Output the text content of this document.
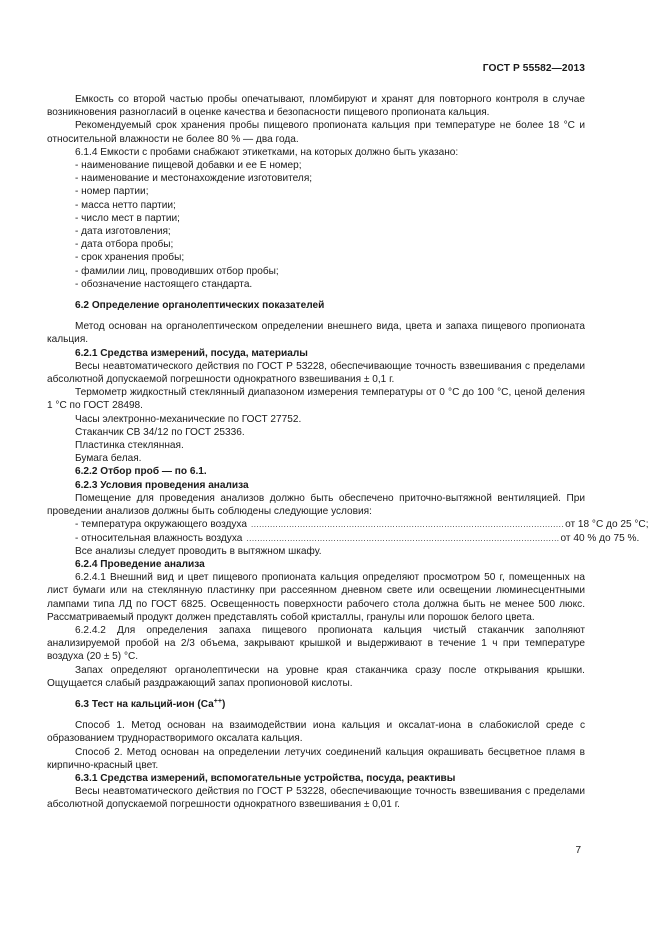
ГОСТ Р 55582—2013

Емкость со второй частью пробы опечатывают, пломбируют и хранят для повторного контроля в случае возникновения разногласий в оценке качества и безопасности пищевого пропионата кальция.

Рекомендуемый срок хранения пробы пищевого пропионата кальция при температуре не более 18 °С и относительной влажности не более 80 % — два года.

6.1.4 Емкости с пробами снабжают этикетками, на которых должно быть указано:

- наименование пищевой добавки и ее Е номер;

- наименование и местонахождение изготовителя;

- номер партии;

- масса нетто партии;

- число мест в партии;

- дата изготовления;

- дата отбора пробы;

- срок хранения пробы;

- фамилии лиц, проводивших отбор пробы;

- обозначение настоящего стандарта.

6.2 Определение органолептических показателей

Метод основан на органолептическом определении внешнего вида, цвета и запаха пищевого пропионата кальция.

6.2.1 Средства измерений, посуда, материалы

Весы неавтоматического действия по ГОСТ Р 53228, обеспечивающие точность взвешивания с пределами абсолютной допускаемой погрешности однократного взвешивания ± 0,1 г.

Термометр жидкостный стеклянный диапазоном измерения температуры от 0 °С до 100 °С, ценой деления 1 °С по ГОСТ 28498.

Часы электронно-механические по ГОСТ 27752.

Стаканчик СВ 34/12 по ГОСТ 25336.

Пластинка стеклянная.

Бумага белая.

6.2.2 Отбор проб — по 6.1.

6.2.3 Условия проведения анализа

Помещение для проведения анализов должно быть обеспечено приточно-вытяжной вентиляцией. При проведении анализов должны быть соблюдены следующие условия:

- температура окружающего воздуха ................................................................................................................... от 18 °С до 25 °С;
- относительная влажность воздуха ................................................................................................................... от 40 % до 75 %.

Все анализы следует проводить в вытяжном шкафу.

6.2.4 Проведение анализа

6.2.4.1 Внешний вид и цвет пищевого пропионата кальция определяют просмотром 50 г, помещенных на лист бумаги или на стеклянную пластинку при рассеянном дневном свете или освещении люминесцентными лампами типа ЛД по ГОСТ 6825. Освещенность поверхности рабочего стола должна быть не менее 500 люкс. Рассматриваемый продукт должен представлять собой кристаллы, гранулы или порошок белого цвета.

6.2.4.2 Для определения запаха пищевого пропионата кальция чистый стаканчик заполняют анализируемой пробой на 2/3 объема, закрывают крышкой и выдерживают в течение 1 ч при температуре воздуха (20 ± 5) °С.

Запах определяют органолептически на уровне края стаканчика сразу после открывания крышки. Ощущается слабый раздражающий запах пропионовой кислоты.

6.3 Тест на кальций-ион (Са++)

Способ 1. Метод основан на взаимодействии иона кальция и оксалат-иона в слабокислой среде с образованием труднорастворимого оксалата кальция.

Способ 2. Метод основан на определении летучих соединений кальция окрашивать бесцветное пламя в кирпично-красный цвет.

6.3.1 Средства измерений, вспомогательные устройства, посуда, реактивы

Весы неавтоматического действия по ГОСТ Р 53228, обеспечивающие точность взвешивания с пределами абсолютной допускаемой погрешности однократного взвешивания ± 0,01 г.

7
